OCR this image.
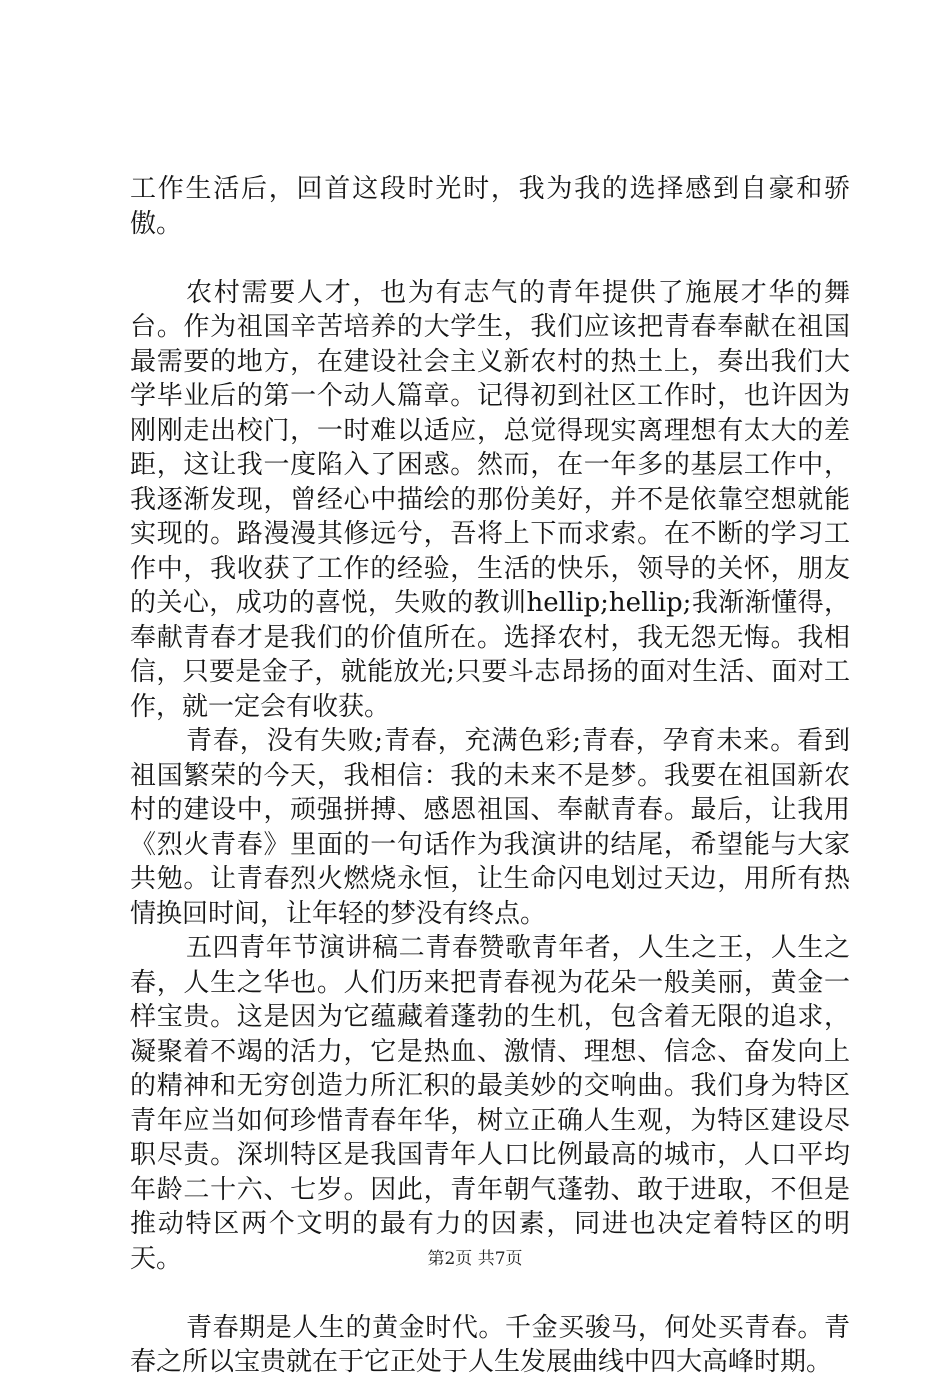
工作生活后，回首这段时光时，我为我的选择感到自豪和骄傲。

农村需要人才，也为有志气的青年提供了施展才华的舞台。作为祖国辛苦培养的大学生，我们应该把青春奉献在祖国最需要的地方，在建设社会主义新农村的热土上，奏出我们大学毕业后的第一个动人篇章。记得初到社区工作时，也许因为刚刚走出校门，一时难以适应，总觉得现实离理想有太大的差距，这让我一度陷入了困惑。然而，在一年多的基层工作中，我逐渐发现，曾经心中描绘的那份美好，并不是依靠空想就能实现的。路漫漫其修远兮，吾将上下而求索。在不断的学习工作中，我收获了工作的经验，生活的快乐，领导的关怀，朋友的关心，成功的喜悦，失败的教训hellip;hellip;我渐渐懂得，奉献青春才是我们的价值所在。选择农村，我无怨无悔。我相信，只要是金子，就能放光;只要斗志昂扬的面对生活、面对工作，就一定会有收获。

青春，没有失败;青春，充满色彩;青春，孕育未来。看到祖国繁荣的今天，我相信：我的未来不是梦。我要在祖国新农村的建设中，顽强拼搏、感恩祖国、奉献青春。最后，让我用《烈火青春》里面的一句话作为我演讲的结尾，希望能与大家共勉。让青春烈火燃烧永恒，让生命闪电划过天边，用所有热情换回时间，让年轻的梦没有终点。

五四青年节演讲稿二青春赞歌青年者，人生之王，人生之春，人生之华也。人们历来把青春视为花朵一般美丽，黄金一样宝贵。这是因为它蕴藏着蓬勃的生机，包含着无限的追求，凝聚着不竭的活力，它是热血、激情、理想、信念、奋发向上的精神和无穷创造力所汇积的最美妙的交响曲。我们身为特区青年应当如何珍惜青春年华，树立正确人生观，为特区建设尽职尽责。深圳特区是我国青年人口比例最高的城市，人口平均年龄二十六、七岁。因此，青年朝气蓬勃、敢于进取，不但是推动特区两个文明的最有力的因素，同进也决定着特区的明天。

青春期是人生的黄金时代。千金买骏马，何处买青春。青春之所以宝贵就在于它正处于人生发展曲线中四大高峰时期。

第2页 共7页
